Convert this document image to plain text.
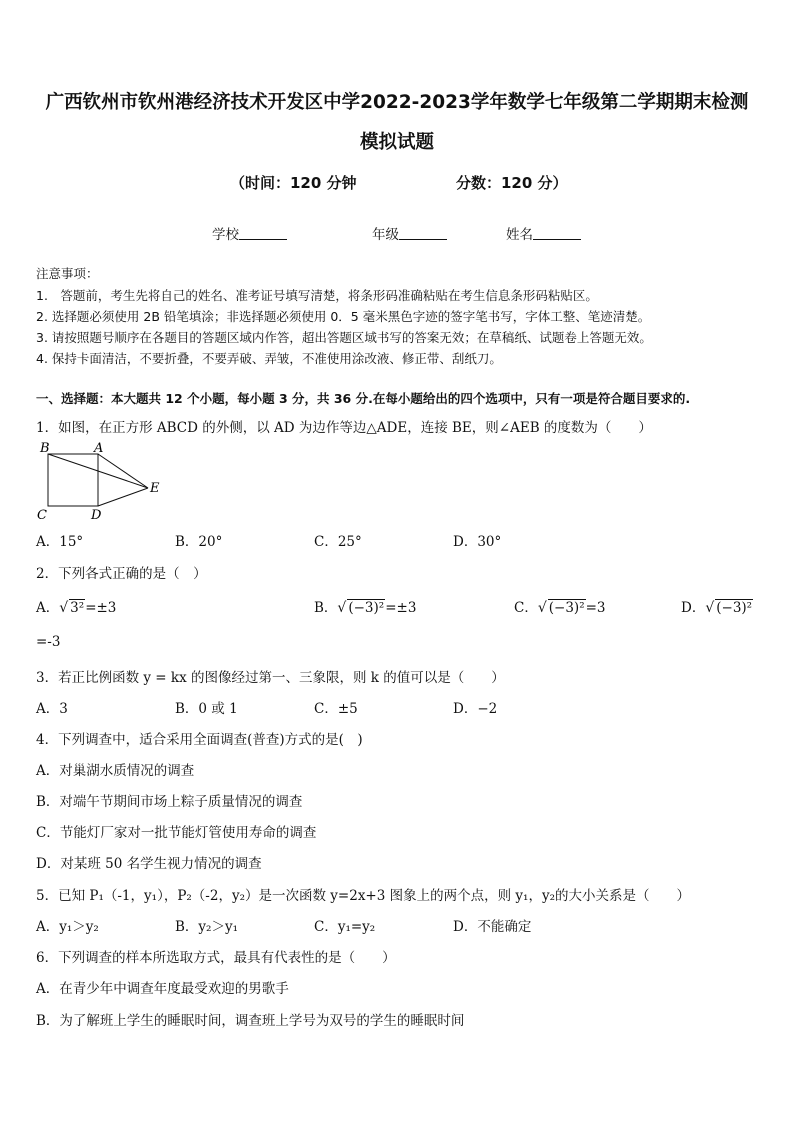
广西钦州市钦州港经济技术开发区中学2022-2023学年数学七年级第二学期期末检测
模拟试题
（时间：120 分钟	分数：120 分）
学校	年级	姓名
注意事项：
1.　答题前，考生先将自己的姓名、准考证号填写清楚，将条形码准确粘贴在考生信息条形码粘贴区。
2. 选择题必须使用 2B 铅笔填涂；非选择题必须使用 0．5 毫米黑色字迹的签字笔书写，字体工整、笔迹清楚。
3. 请按照题号顺序在各题目的答题区域内作答，超出答题区域书写的答案无效；在草稿纸、试题卷上答题无效。
4. 保持卡面清洁，不要折叠，不要弄破、弄皱，不准使用涂改液、修正带、刮纸刀。
一、选择题：本大题共 12 个小题，每小题 3 分，共 36 分.在每小题给出的四个选项中，只有一项是符合题目要求的.
1．如图，在正方形 ABCD 的外侧，以 AD 为边作等边△ADE，连接 BE，则∠AEB 的度数为（　　）
B	A
C	D
E
A．15°	B．20°	C．25°	D．30°
2．下列各式正确的是（　）
A．√ 3²=±3	B．√ (−3)²=±3	C．√ (−3)²=3	D．√ (−3)²
=-3
3．若正比例函数 y = kx 的图像经过第一、三象限，则 k 的值可以是（　　）
A．3	B．0 或 1	C．±5	D．−2
4．下列调查中，适合采用全面调查(普查)方式的是(　)
A．对巢湖水质情况的调查
B．对端午节期间市场上粽子质量情况的调查
C．节能灯厂家对一批节能灯管使用寿命的调查
D．对某班 50 名学生视力情况的调查
5．已知 P₁（-1，y₁），P₂（-2，y₂）是一次函数 y=2x+3 图象上的两个点，则 y₁，y₂的大小关系是（　　）
A．y₁＞y₂	B．y₂＞y₁	C．y₁=y₂	D．不能确定
6．下列调查的样本所选取方式，最具有代表性的是（　　）
A．在青少年中调查年度最受欢迎的男歌手
B．为了解班上学生的睡眠时间，调查班上学号为双号的学生的睡眠时间
